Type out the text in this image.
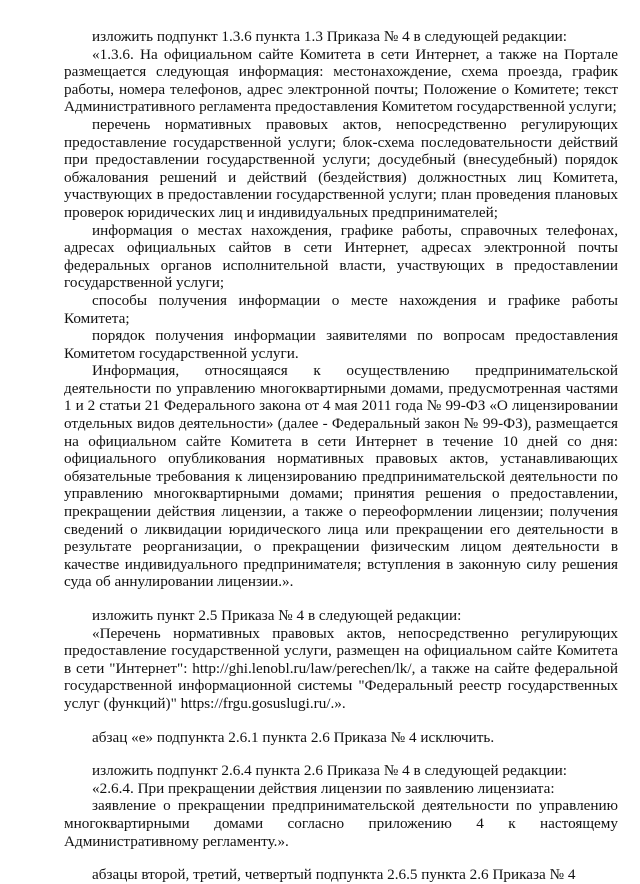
изложить подпункт 1.3.6 пункта 1.3 Приказа № 4 в следующей редакции:

«1.3.6. На официальном сайте Комитета в сети Интернет, а также на Портале размещается следующая информация: местонахождение, схема проезда, график работы, номера телефонов, адрес электронной почты; Положение о Комитете; текст Административного регламента предоставления Комитетом государственной услуги;

перечень нормативных правовых актов, непосредственно регулирующих предоставление государственной услуги; блок-схема последовательности действий при предоставлении государственной услуги; досудебный (внесудебный) порядок обжалования решений и действий (бездействия) должностных лиц Комитета, участвующих в предоставлении государственной услуги; план проведения плановых проверок юридических лиц и индивидуальных предпринимателей;

информация о местах нахождения, графике работы, справочных телефонах, адресах официальных сайтов в сети Интернет, адресах электронной почты федеральных органов исполнительной власти, участвующих в предоставлении государственной услуги;

способы получения информации о месте нахождения и графике работы Комитета;

порядок получения информации заявителями по вопросам предоставления Комитетом государственной услуги.

Информация, относящаяся к осуществлению предпринимательской деятельности по управлению многоквартирными домами, предусмотренная частями 1 и 2 статьи 21 Федерального закона от 4 мая 2011 года № 99-ФЗ «О лицензировании отдельных видов деятельности» (далее - Федеральный закон № 99-ФЗ), размещается на официальном сайте Комитета в сети Интернет в течение 10 дней со дня: официального опубликования нормативных правовых актов, устанавливающих обязательные требования к лицензированию предпринимательской деятельности по управлению многоквартирными домами; принятия решения о предоставлении, прекращении действия лицензии, а также о переоформлении лицензии; получения сведений о ликвидации юридического лица или прекращении его деятельности в результате реорганизации, о прекращении физическим лицом деятельности в качестве индивидуального предпринимателя; вступления в законную силу решения суда об аннулировании лицензии.».

изложить пункт 2.5 Приказа № 4 в следующей редакции:

«Перечень нормативных правовых актов, непосредственно регулирующих предоставление государственной услуги, размещен на официальном сайте Комитета в сети "Интернет": http://ghi.lenobl.ru/law/perechen/lk/, а также на сайте федеральной государственной информационной системы "Федеральный реестр государственных услуг (функций)" https://frgu.gosuslugi.ru/.».

абзац «е» подпункта 2.6.1 пункта 2.6 Приказа № 4 исключить.

изложить подпункт 2.6.4 пункта 2.6 Приказа № 4 в следующей редакции:

«2.6.4. При прекращении действия лицензии по заявлению лицензиата:

заявление о прекращении предпринимательской деятельности по управлению многоквартирными домами согласно приложению 4 к настоящему Административному регламенту.».

абзацы второй, третий, четвертый подпункта 2.6.5 пункта 2.6 Приказа № 4
